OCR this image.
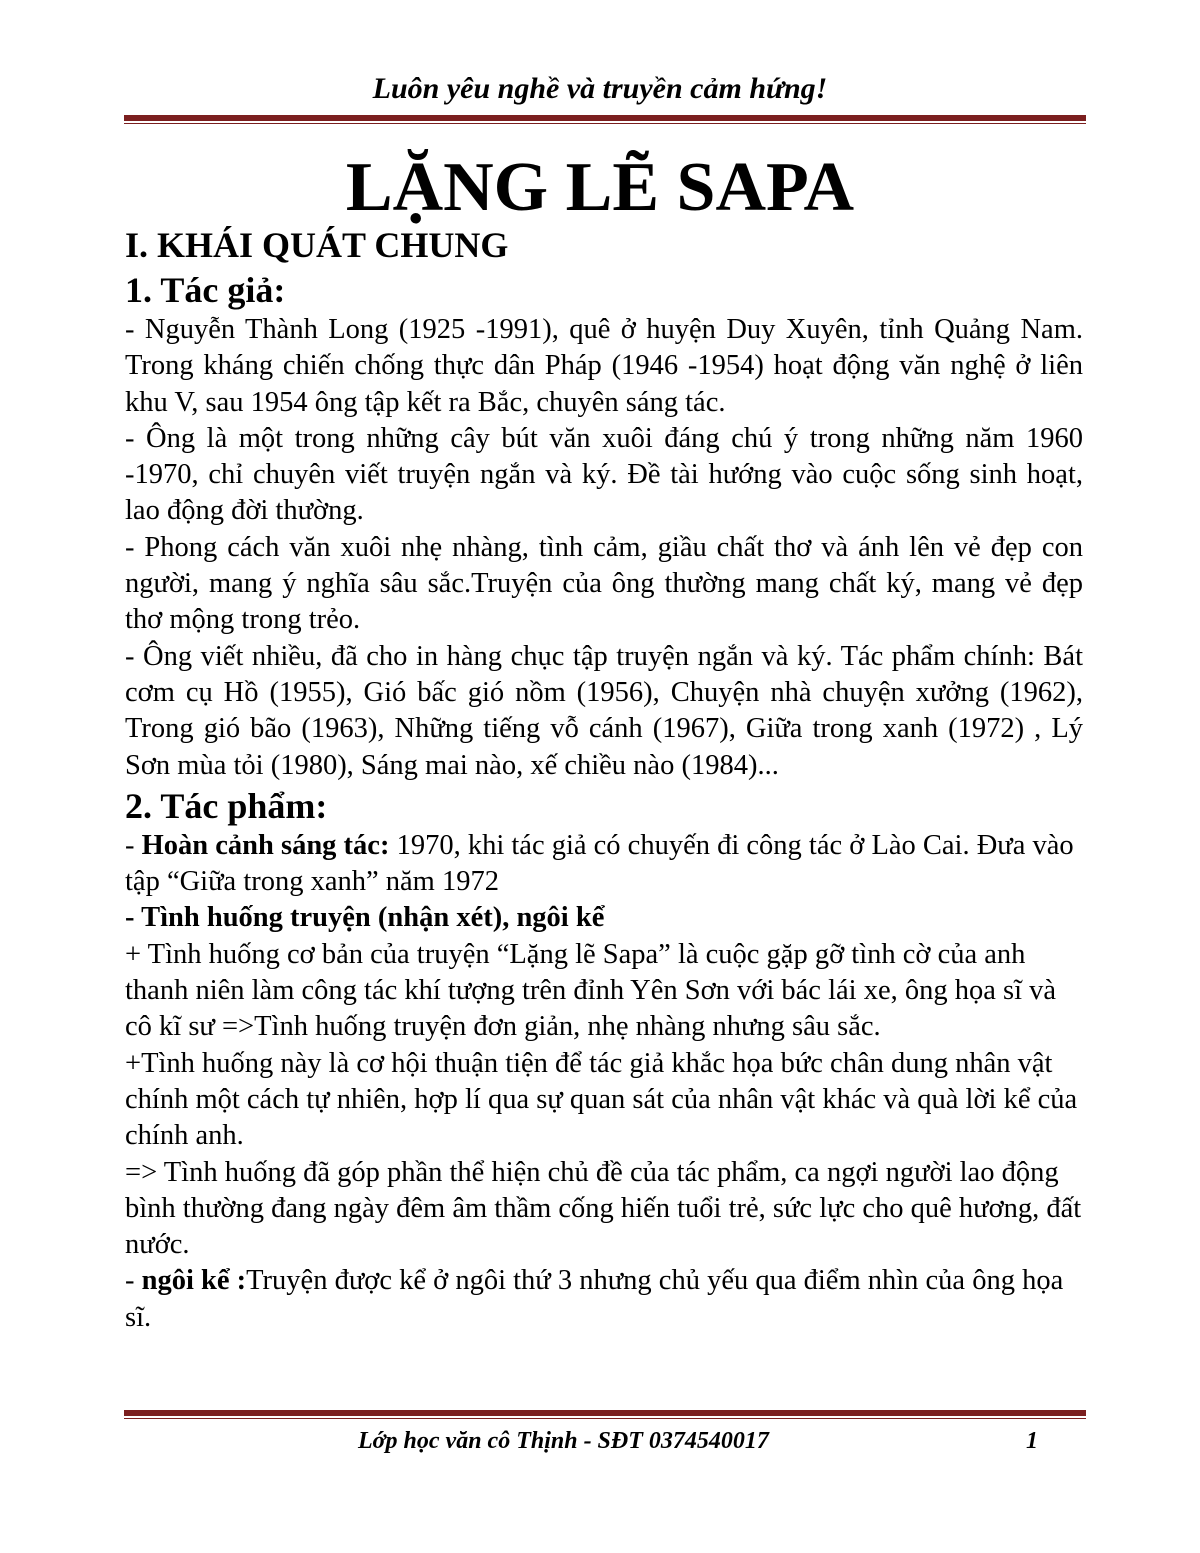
Luôn yêu nghề và truyền cảm hứng!
LẶNG LẼ SAPA

I. KHÁI QUÁT CHUNG

1. Tác giả:

- Nguyễn Thành Long (1925 -1991), quê ở huyện Duy Xuyên, tỉnh Quảng Nam. Trong kháng chiến chống thực dân Pháp (1946 -1954) hoạt động văn nghệ ở liên khu V, sau 1954 ông tập kết ra Bắc, chuyên sáng tác.

- Ông là một trong những cây bút văn xuôi đáng chú ý trong những năm 1960 -1970, chỉ chuyên viết truyện ngắn và ký. Đề tài hướng vào cuộc sống sinh hoạt, lao động đời thường.

- Phong cách văn xuôi nhẹ nhàng, tình cảm, giầu chất thơ và ánh lên vẻ đẹp con người, mang ý nghĩa sâu sắc.Truyện của ông thường mang chất ký, mang vẻ đẹp thơ mộng trong trẻo.

- Ông viết nhiều, đã cho in hàng chục tập truyện ngắn và ký. Tác phẩm chính: Bát cơm cụ Hồ (1955), Gió bấc gió nồm (1956), Chuyện nhà chuyện xưởng (1962), Trong gió bão (1963), Những tiếng vỗ cánh (1967), Giữa trong xanh (1972) , Lý Sơn mùa tỏi (1980), Sáng mai nào, xế chiều nào (1984)...

2. Tác phẩm:

- Hoàn cảnh sáng tác: 1970, khi tác giả có chuyến đi công tác ở Lào Cai. Đưa vào tập “Giữa trong xanh” năm 1972

- Tình huống truyện (nhận xét), ngôi kể

+ Tình huống cơ bản của truyện “Lặng lẽ Sapa” là cuộc gặp gỡ tình cờ của anh thanh niên làm công tác khí tượng trên đỉnh Yên Sơn với bác lái xe, ông họa sĩ và cô kĩ sư =>Tình huống truyện đơn giản, nhẹ nhàng nhưng sâu sắc.

+Tình huống này là cơ hội thuận tiện để tác giả khắc họa bức chân dung nhân vật chính một cách tự nhiên, hợp lí qua sự quan sát của nhân vật khác và quà lời kể của chính anh.

=> Tình huống đã góp phần thể hiện chủ đề của tác phẩm, ca ngợi người lao động bình thường đang ngày đêm âm thầm cống hiến tuổi trẻ, sức lực cho quê hương, đất nước.

- ngôi kể :Truyện được kể ở ngôi thứ 3 nhưng chủ yếu qua điểm nhìn của ông họa sĩ.

Lớp học văn cô Thịnh - SĐT 0374540017	1
